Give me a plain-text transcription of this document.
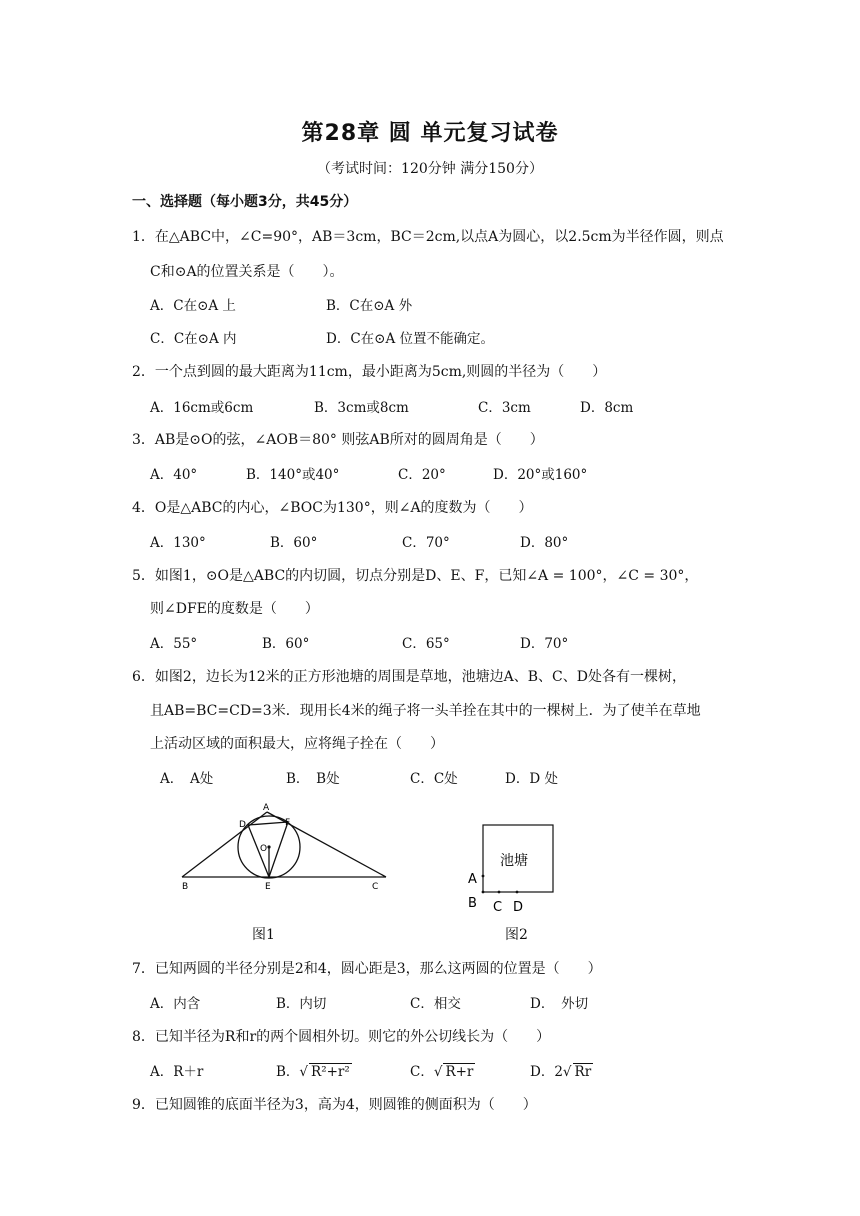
第28章 圆 单元复习试卷
（考试时间：120分钟 满分150分）
一、选择题（每小题3分，共45分）
1．在△ABC中，∠C=90°，AB＝3cm，BC＝2cm,以点A为圆心，以2.5cm为半径作圆，则点
C和⊙A的位置关系是（　　）。
A．C在⊙A 上	B．C在⊙A 外
C．C在⊙A 内	D．C在⊙A 位置不能确定。
2．一个点到圆的最大距离为11cm，最小距离为5cm,则圆的半径为（　　）
A．16cm或6cm	B．3cm或8cm	C．3cm	D．8cm
3．AB是⊙O的弦，∠AOB＝80° 则弦AB所对的圆周角是（　　）
A．40°	B．140°或40°	C．20°	D．20°或160°
4．O是△ABC的内心，∠BOC为130°，则∠A的度数为（　　）
A．130°	B．60°	C．70°	D．80°
5．如图1，⊙O是△ABC的内切圆，切点分别是D、E、F，已知∠A = 100°，∠C = 30°，
则∠DFE的度数是（　　）
A．55°	B．60°	C．65°	D．70°
6．如图2，边长为12米的正方形池塘的周围是草地，池塘边A、B、C、D处各有一棵树，
且AB=BC=CD=3米．现用长4米的绳子将一头羊拴在其中的一棵树上．为了使羊在草地
上活动区域的面积最大，应将绳子拴在（　　）
A．　A处	B．　B处	C．C处	D．D 处
A
D	F
O
B	E	C
图1
池塘
A
B C D
图2
7．已知两圆的半径分别是2和4，圆心距是3，那么这两圆的位置是（　　）
A．内含	B．内切	C．相交	D．　外切
8．已知半径为R和r的两个圆相外切。则它的外公切线长为（　　）
A．R＋r	B．√ R²+r²	C．√ R+r	D．2√ Rr
9．已知圆锥的底面半径为3，高为4，则圆锥的侧面积为（　　）
